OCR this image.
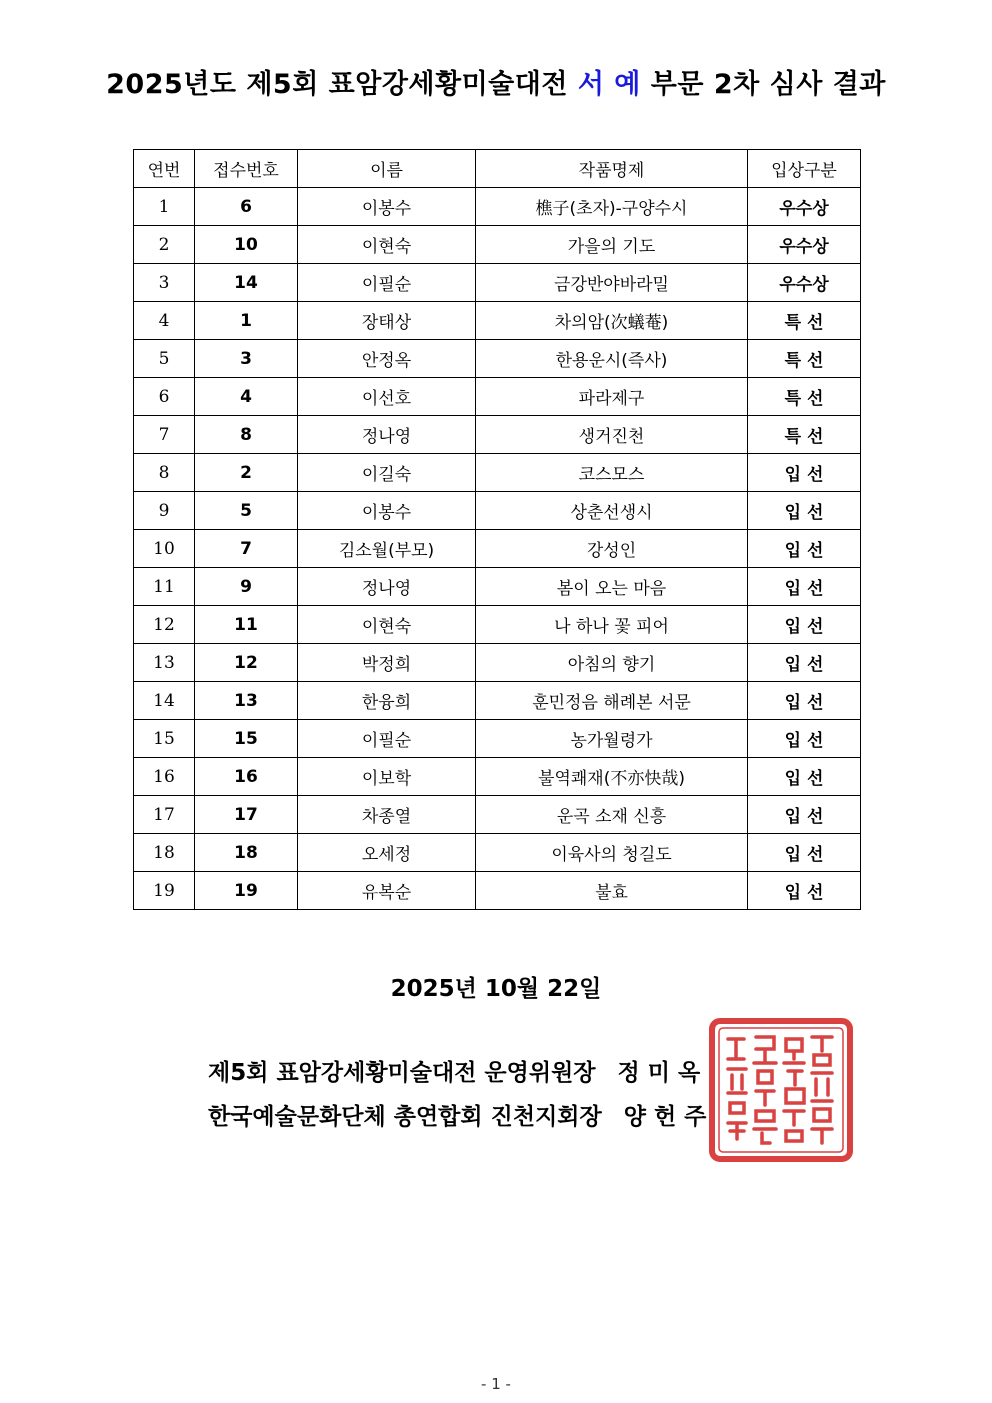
2025년도 제5회 표암강세황미술대전 서 예 부문 2차 심사 결과
연번	접수번호	이름	작품명제	입상구분
1	6	이봉수	樵子(초자)-구양수시	우수상
2	10	이현숙	가을의 기도	우수상
3	14	이필순	금강반야바라밀	우수상
4	1	장태상	차의암(次蟻菴)	특 선
5	3	안정옥	한용운시(즉사)	특 선
6	4	이선호	파라제구	특 선
7	8	정나영	생거진천	특 선
8	2	이길숙	코스모스	입 선
9	5	이봉수	상춘선생시	입 선
10	7	김소월(부모)	강성인	입 선
11	9	정나영	봄이 오는 마음	입 선
12	11	이현숙	나 하나 꽃 피어	입 선
13	12	박정희	아침의 향기	입 선
14	13	한융희	훈민정음 해례본 서문	입 선
15	15	이필순	농가월령가	입 선
16	16	이보학	불역쾌재(不亦快哉)	입 선
17	17	차종열	운곡 소재 신흥	입 선
18	18	오세정	이육사의 청길도	입 선
19	19	유복순	불효	입 선
2025년 10월 22일
제5회 표암강세황미술대전 운영위원장 정 미 옥
한국예술문화단체 총연합회 진천지회장 양 헌 주
- 1 -
